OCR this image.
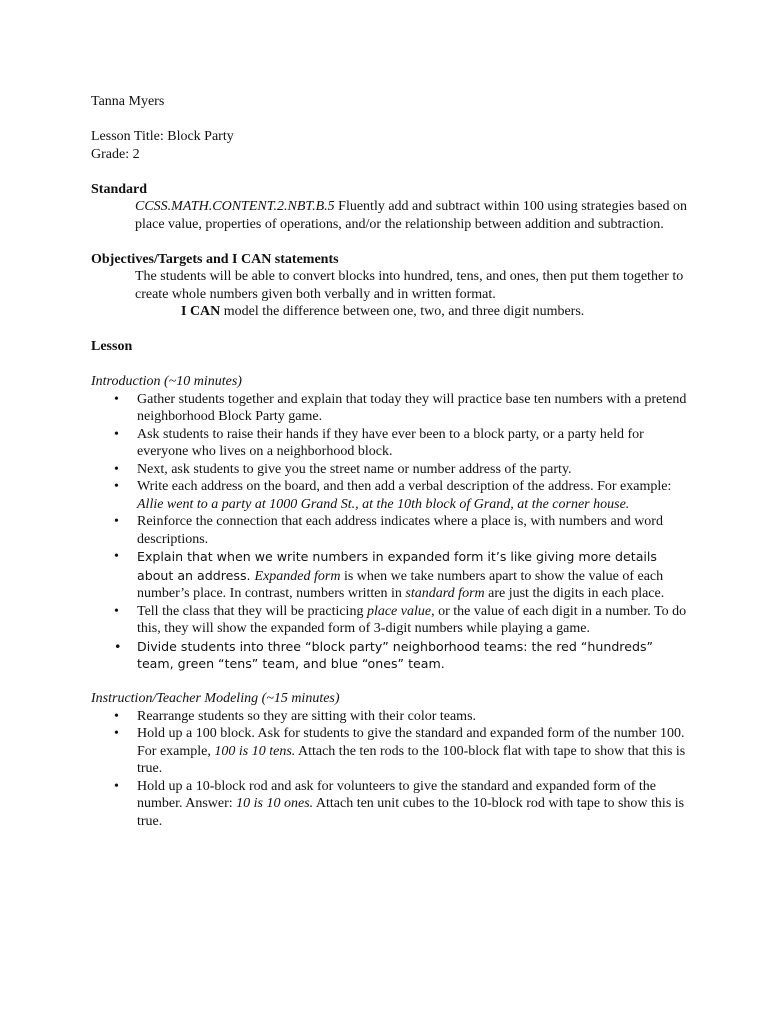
Tanna Myers

Lesson Title: Block Party

Grade: 2

Standard

CCSS.MATH.CONTENT.2.NBT.B.5 Fluently add and subtract within 100 using strategies based on place value, properties of operations, and/or the relationship between addition and subtraction.

Objectives/Targets and I CAN statements

The students will be able to convert blocks into hundred, tens, and ones, then put them together to create whole numbers given both verbally and in written format.

I CAN model the difference between one, two, and three digit numbers.

Lesson

Introduction (~10 minutes)

• Gather students together and explain that today they will practice base ten numbers with a pretend neighborhood Block Party game.
• Ask students to raise their hands if they have ever been to a block party, or a party held for everyone who lives on a neighborhood block.
• Next, ask students to give you the street name or number address of the party.
• Write each address on the board, and then add a verbal description of the address. For example: Allie went to a party at 1000 Grand St., at the 10th block of Grand, at the corner house.
• Reinforce the connection that each address indicates where a place is, with numbers and word descriptions.
• Explain that when we write numbers in expanded form it’s like giving more details about an address. Expanded form is when we take numbers apart to show the value of each number’s place. In contrast, numbers written in standard form are just the digits in each place.
• Tell the class that they will be practicing place value, or the value of each digit in a number. To do this, they will show the expanded form of 3-digit numbers while playing a game.
• Divide students into three “block party” neighborhood teams: the red “hundreds” team, green “tens” team, and blue “ones” team.

Instruction/Teacher Modeling (~15 minutes)

• Rearrange students so they are sitting with their color teams.
• Hold up a 100 block. Ask for students to give the standard and expanded form of the number 100. For example, 100 is 10 tens. Attach the ten rods to the 100-block flat with tape to show that this is true.
• Hold up a 10-block rod and ask for volunteers to give the standard and expanded form of the number. Answer: 10 is 10 ones. Attach ten unit cubes to the 10-block rod with tape to show this is true.
